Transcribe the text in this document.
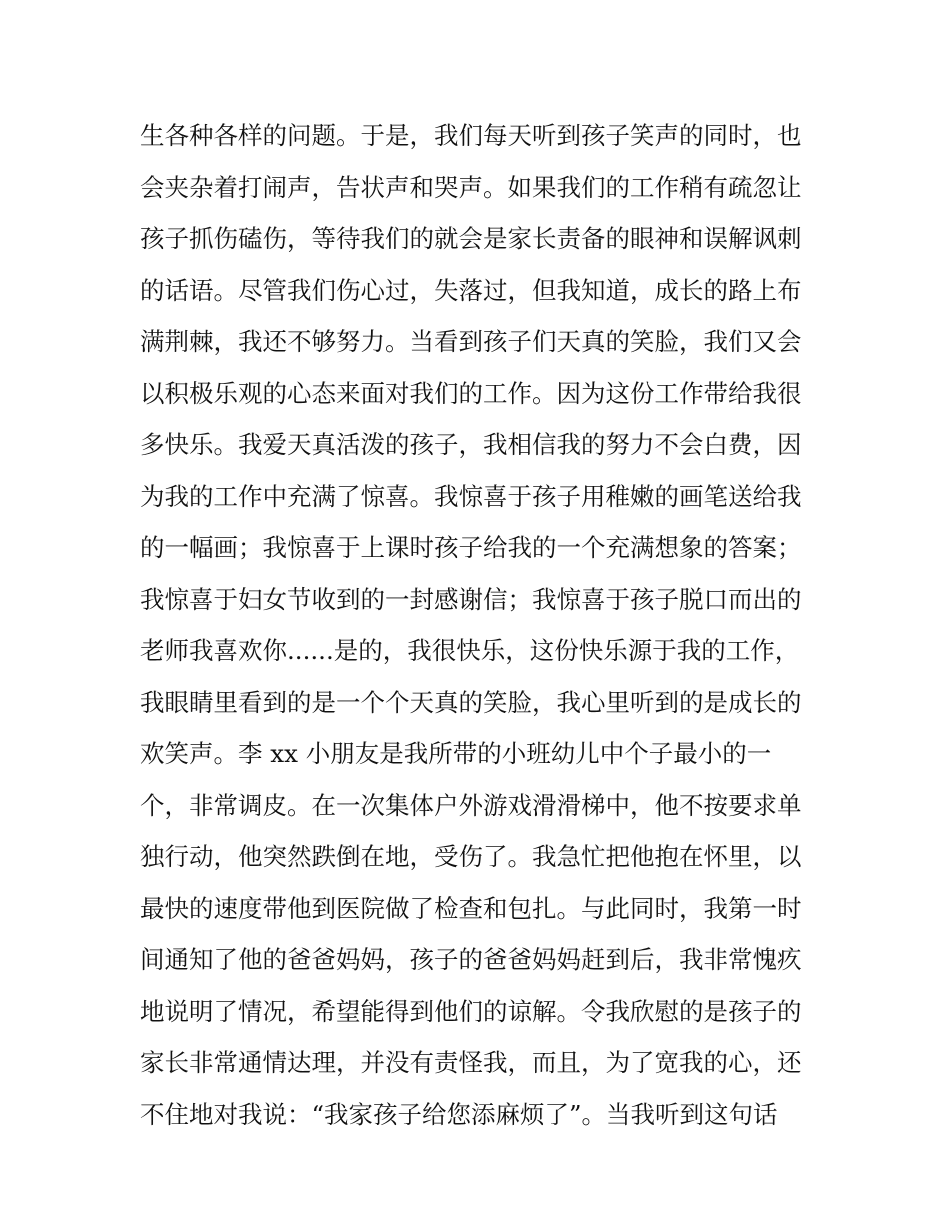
生各种各样的问题。于是，我们每天听到孩子笑声的同时，也
会夹杂着打闹声，告状声和哭声。如果我们的工作稍有疏忽让
孩子抓伤磕伤，等待我们的就会是家长责备的眼神和误解讽刺
的话语。尽管我们伤心过，失落过，但我知道，成长的路上布
满荆棘，我还不够努力。当看到孩子们天真的笑脸，我们又会
以积极乐观的心态来面对我们的工作。因为这份工作带给我很
多快乐。我爱天真活泼的孩子，我相信我的努力不会白费，因
为我的工作中充满了惊喜。我惊喜于孩子用稚嫩的画笔送给我
的一幅画；我惊喜于上课时孩子给我的一个充满想象的答案；
我惊喜于妇女节收到的一封感谢信；我惊喜于孩子脱口而出的
老师我喜欢你......是的，我很快乐，这份快乐源于我的工作，
我眼睛里看到的是一个个天真的笑脸，我心里听到的是成长的
欢笑声。李 xx 小朋友是我所带的小班幼儿中个子最小的一
个，非常调皮。在一次集体户外游戏滑滑梯中，他不按要求单
独行动，他突然跌倒在地，受伤了。我急忙把他抱在怀里，以
最快的速度带他到医院做了检查和包扎。与此同时，我第一时
间通知了他的爸爸妈妈，孩子的爸爸妈妈赶到后，我非常愧疚
地说明了情况，希望能得到他们的谅解。令我欣慰的是孩子的
家长非常通情达理，并没有责怪我，而且，为了宽我的心，还
不住地对我说：“我家孩子给您添麻烦了”。当我听到这句话
